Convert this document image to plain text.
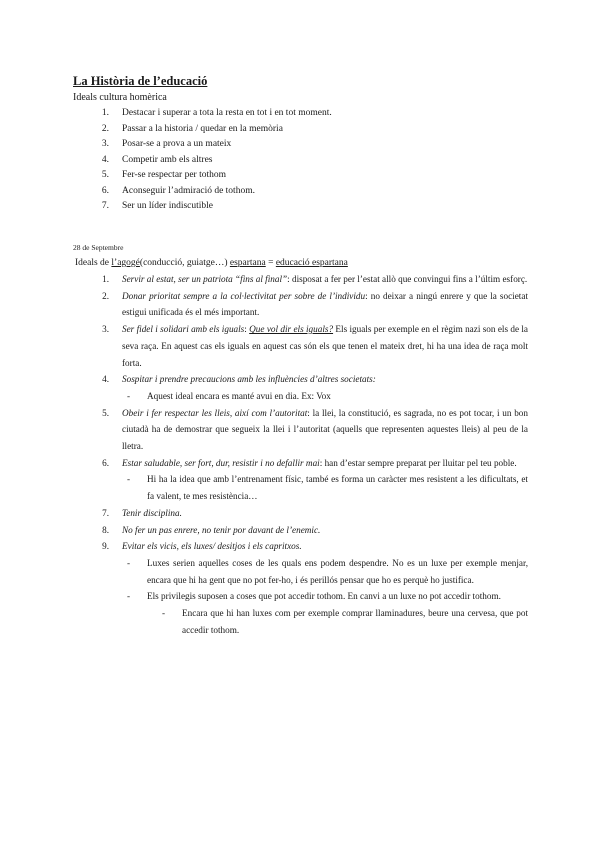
La Història de l’educació
Ideals cultura homèrica
1.	Destacar i superar a tota la resta en tot i en tot moment.
2.	Passar a la historia / quedar en la memòria
3.	Posar-se a prova a un mateix
4.	Competir amb els altres
5.	Fer-se respectar per tothom
6.	Aconseguir l’admiració de tothom.
7.	Ser un líder indiscutible
28 de Septembre
Ideals de l’agogé(conducció, guiatge…) espartana = educació espartana
1.	Servir al estat, ser un patriota “fins al final”: disposat a fer per l’estat allò que convingui fins a l’últim esforç.
2.	Donar prioritat sempre a la col·lectivitat per sobre de l’individu: no deixar a ningú enrere y que la societat estigui unificada és el més important.
3.	Ser fidel i solidari amb els iguals: Que vol dir els iguals? Els iguals per exemple en el règim nazi son els de la seva raça. En aquest cas els iguals en aquest cas són els que tenen el mateix dret, hi ha una idea de raça molt forta.
4.	Sospitar i prendre precaucions amb les influències d’altres societats:
-	Aquest ideal encara es manté avui en dia. Ex: Vox
5.	Obeir i fer respectar les lleis, així com l’autoritat: la llei, la constitució, es sagrada, no es pot tocar, i un bon ciutadà ha de demostrar que segueix la llei i l’autoritat (aquells que representen aquestes lleis) al peu de la lletra.
6.	Estar saludable, ser fort, dur, resistir i no defallir mai: han d’estar sempre preparat per lluitar pel teu poble.
-	Hi ha la idea que amb l’entrenament físic, també es forma un caràcter mes resistent a les dificultats, et fa valent, te mes resistència…
7.	Tenir disciplina.
8.	No fer un pas enrere, no tenir por davant de l’enemic.
9.	Evitar els vicis, els luxes/ desitjos i els capritxos.
-	Luxes serien aquelles coses de les quals ens podem despendre. No es un luxe per exemple menjar, encara que hi ha gent que no pot fer-ho, i és perillós pensar que ho es perquè ho justifica.
-	Els privilegis suposen a coses que pot accedir tothom. En canvi a un luxe no pot accedir tothom.
-	Encara que hi han luxes com per exemple comprar llaminadures, beure una cervesa, que pot accedir tothom.
